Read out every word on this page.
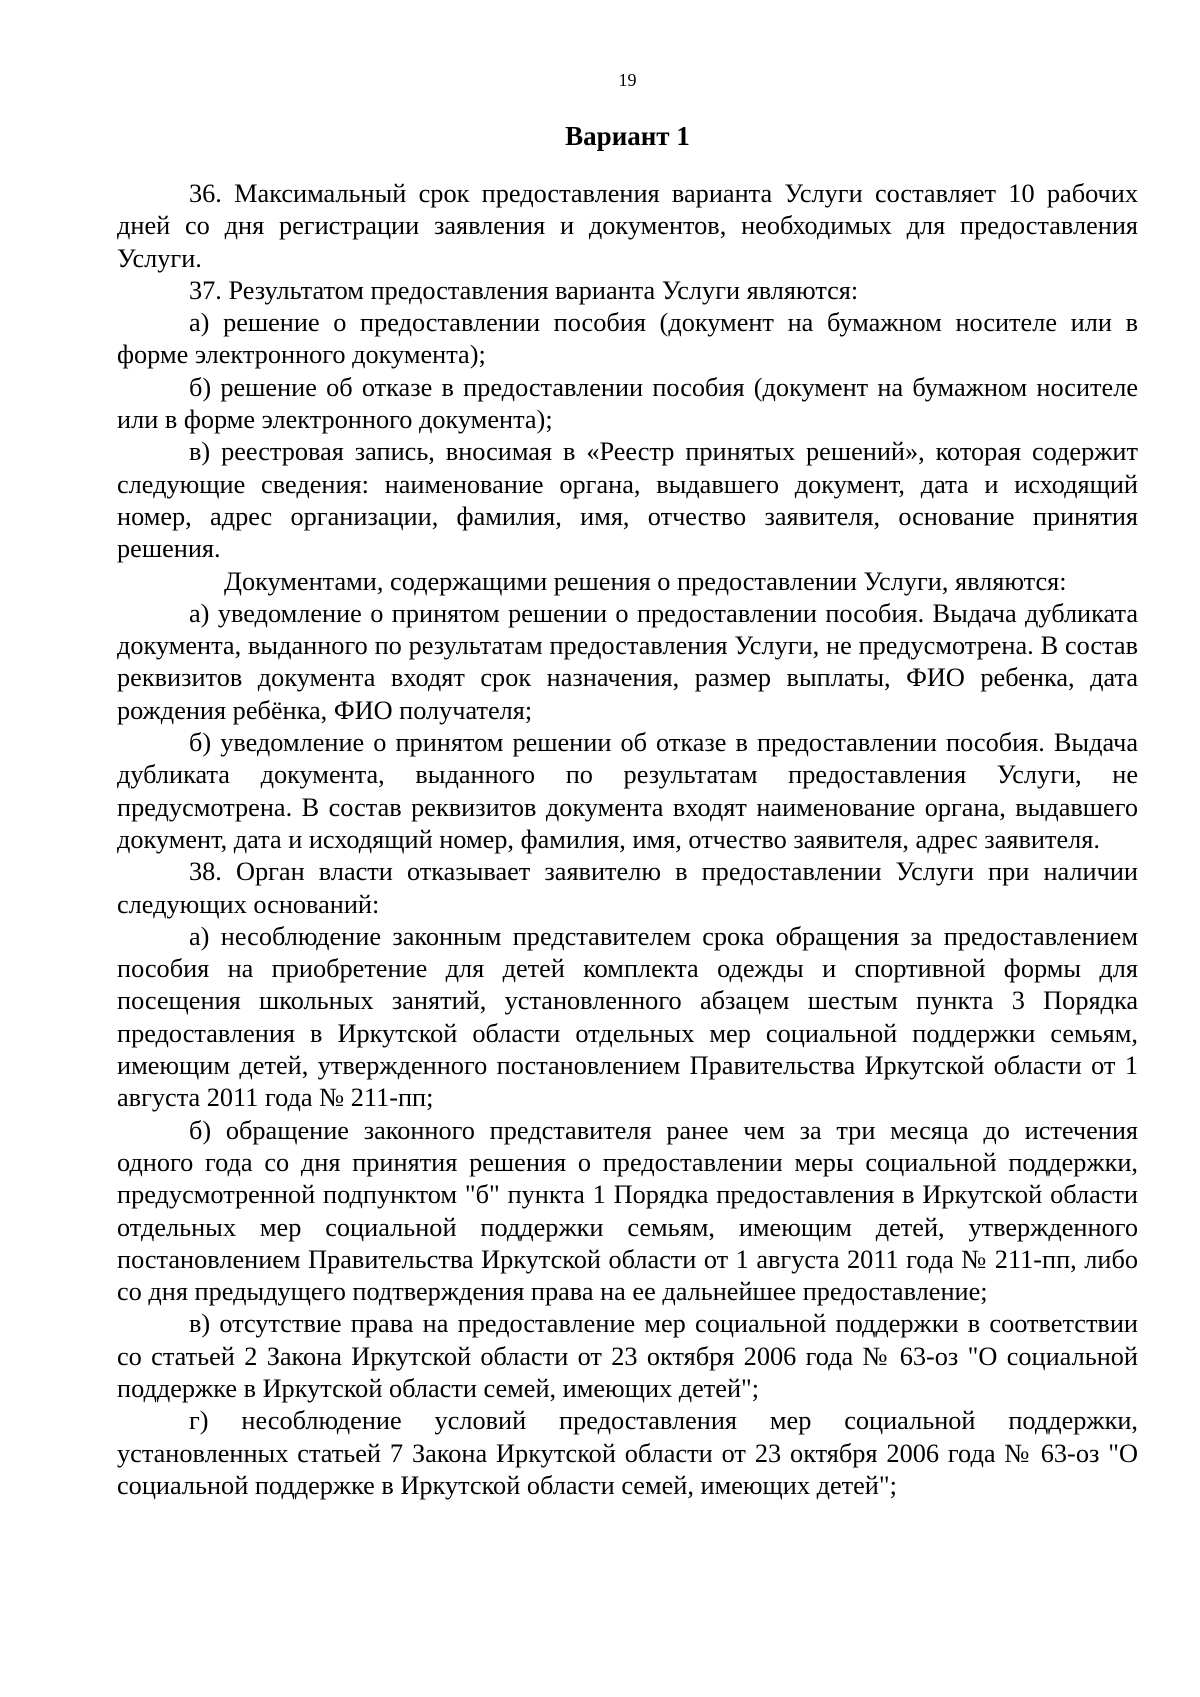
19
Вариант 1

36. Максимальный срок предоставления варианта Услуги составляет 10 рабочих дней со дня регистрации заявления и документов, необходимых для предоставления Услуги.

37. Результатом предоставления варианта Услуги являются:

а) решение о предоставлении пособия (документ на бумажном носителе или в форме электронного документа);

б) решение об отказе в предоставлении пособия (документ на бумажном носителе или в форме электронного документа);

в) реестровая запись, вносимая в «Реестр принятых решений», которая содержит следующие сведения: наименование органа, выдавшего документ, дата и исходящий номер, адрес организации, фамилия, имя, отчество заявителя, основание принятия решения.

Документами, содержащими решения о предоставлении Услуги, являются:

а) уведомление о принятом решении о предоставлении пособия. Выдача дубликата документа, выданного по результатам предоставления Услуги, не предусмотрена. В состав реквизитов документа входят срок назначения, размер выплаты, ФИО ребенка, дата рождения ребёнка, ФИО получателя;

б) уведомление о принятом решении об отказе в предоставлении пособия. Выдача дубликата документа, выданного по результатам предоставления Услуги, не предусмотрена. В состав реквизитов документа входят наименование органа, выдавшего документ, дата и исходящий номер, фамилия, имя, отчество заявителя, адрес заявителя.

38. Орган власти отказывает заявителю в предоставлении Услуги при наличии следующих оснований:

а) несоблюдение законным представителем срока обращения за предоставлением пособия на приобретение для детей комплекта одежды и спортивной формы для посещения школьных занятий, установленного абзацем шестым пункта 3 Порядка предоставления в Иркутской области отдельных мер социальной поддержки семьям, имеющим детей, утвержденного постановлением Правительства Иркутской области от 1 августа 2011 года № 211-пп;

б) обращение законного представителя ранее чем за три месяца до истечения одного года со дня принятия решения о предоставлении меры социальной поддержки, предусмотренной подпунктом "б" пункта 1 Порядка предоставления в Иркутской области отдельных мер социальной поддержки семьям, имеющим детей, утвержденного постановлением Правительства Иркутской области от 1 августа 2011 года № 211-пп, либо со дня предыдущего подтверждения права на ее дальнейшее предоставление;

в) отсутствие права на предоставление мер социальной поддержки в соответствии со статьей 2 Закона Иркутской области от 23 октября 2006 года № 63-оз "О социальной поддержке в Иркутской области семей, имеющих детей";

г) несоблюдение условий предоставления мер социальной поддержки, установленных статьей 7 Закона Иркутской области от 23 октября 2006 года № 63-оз "О социальной поддержке в Иркутской области семей, имеющих детей";
